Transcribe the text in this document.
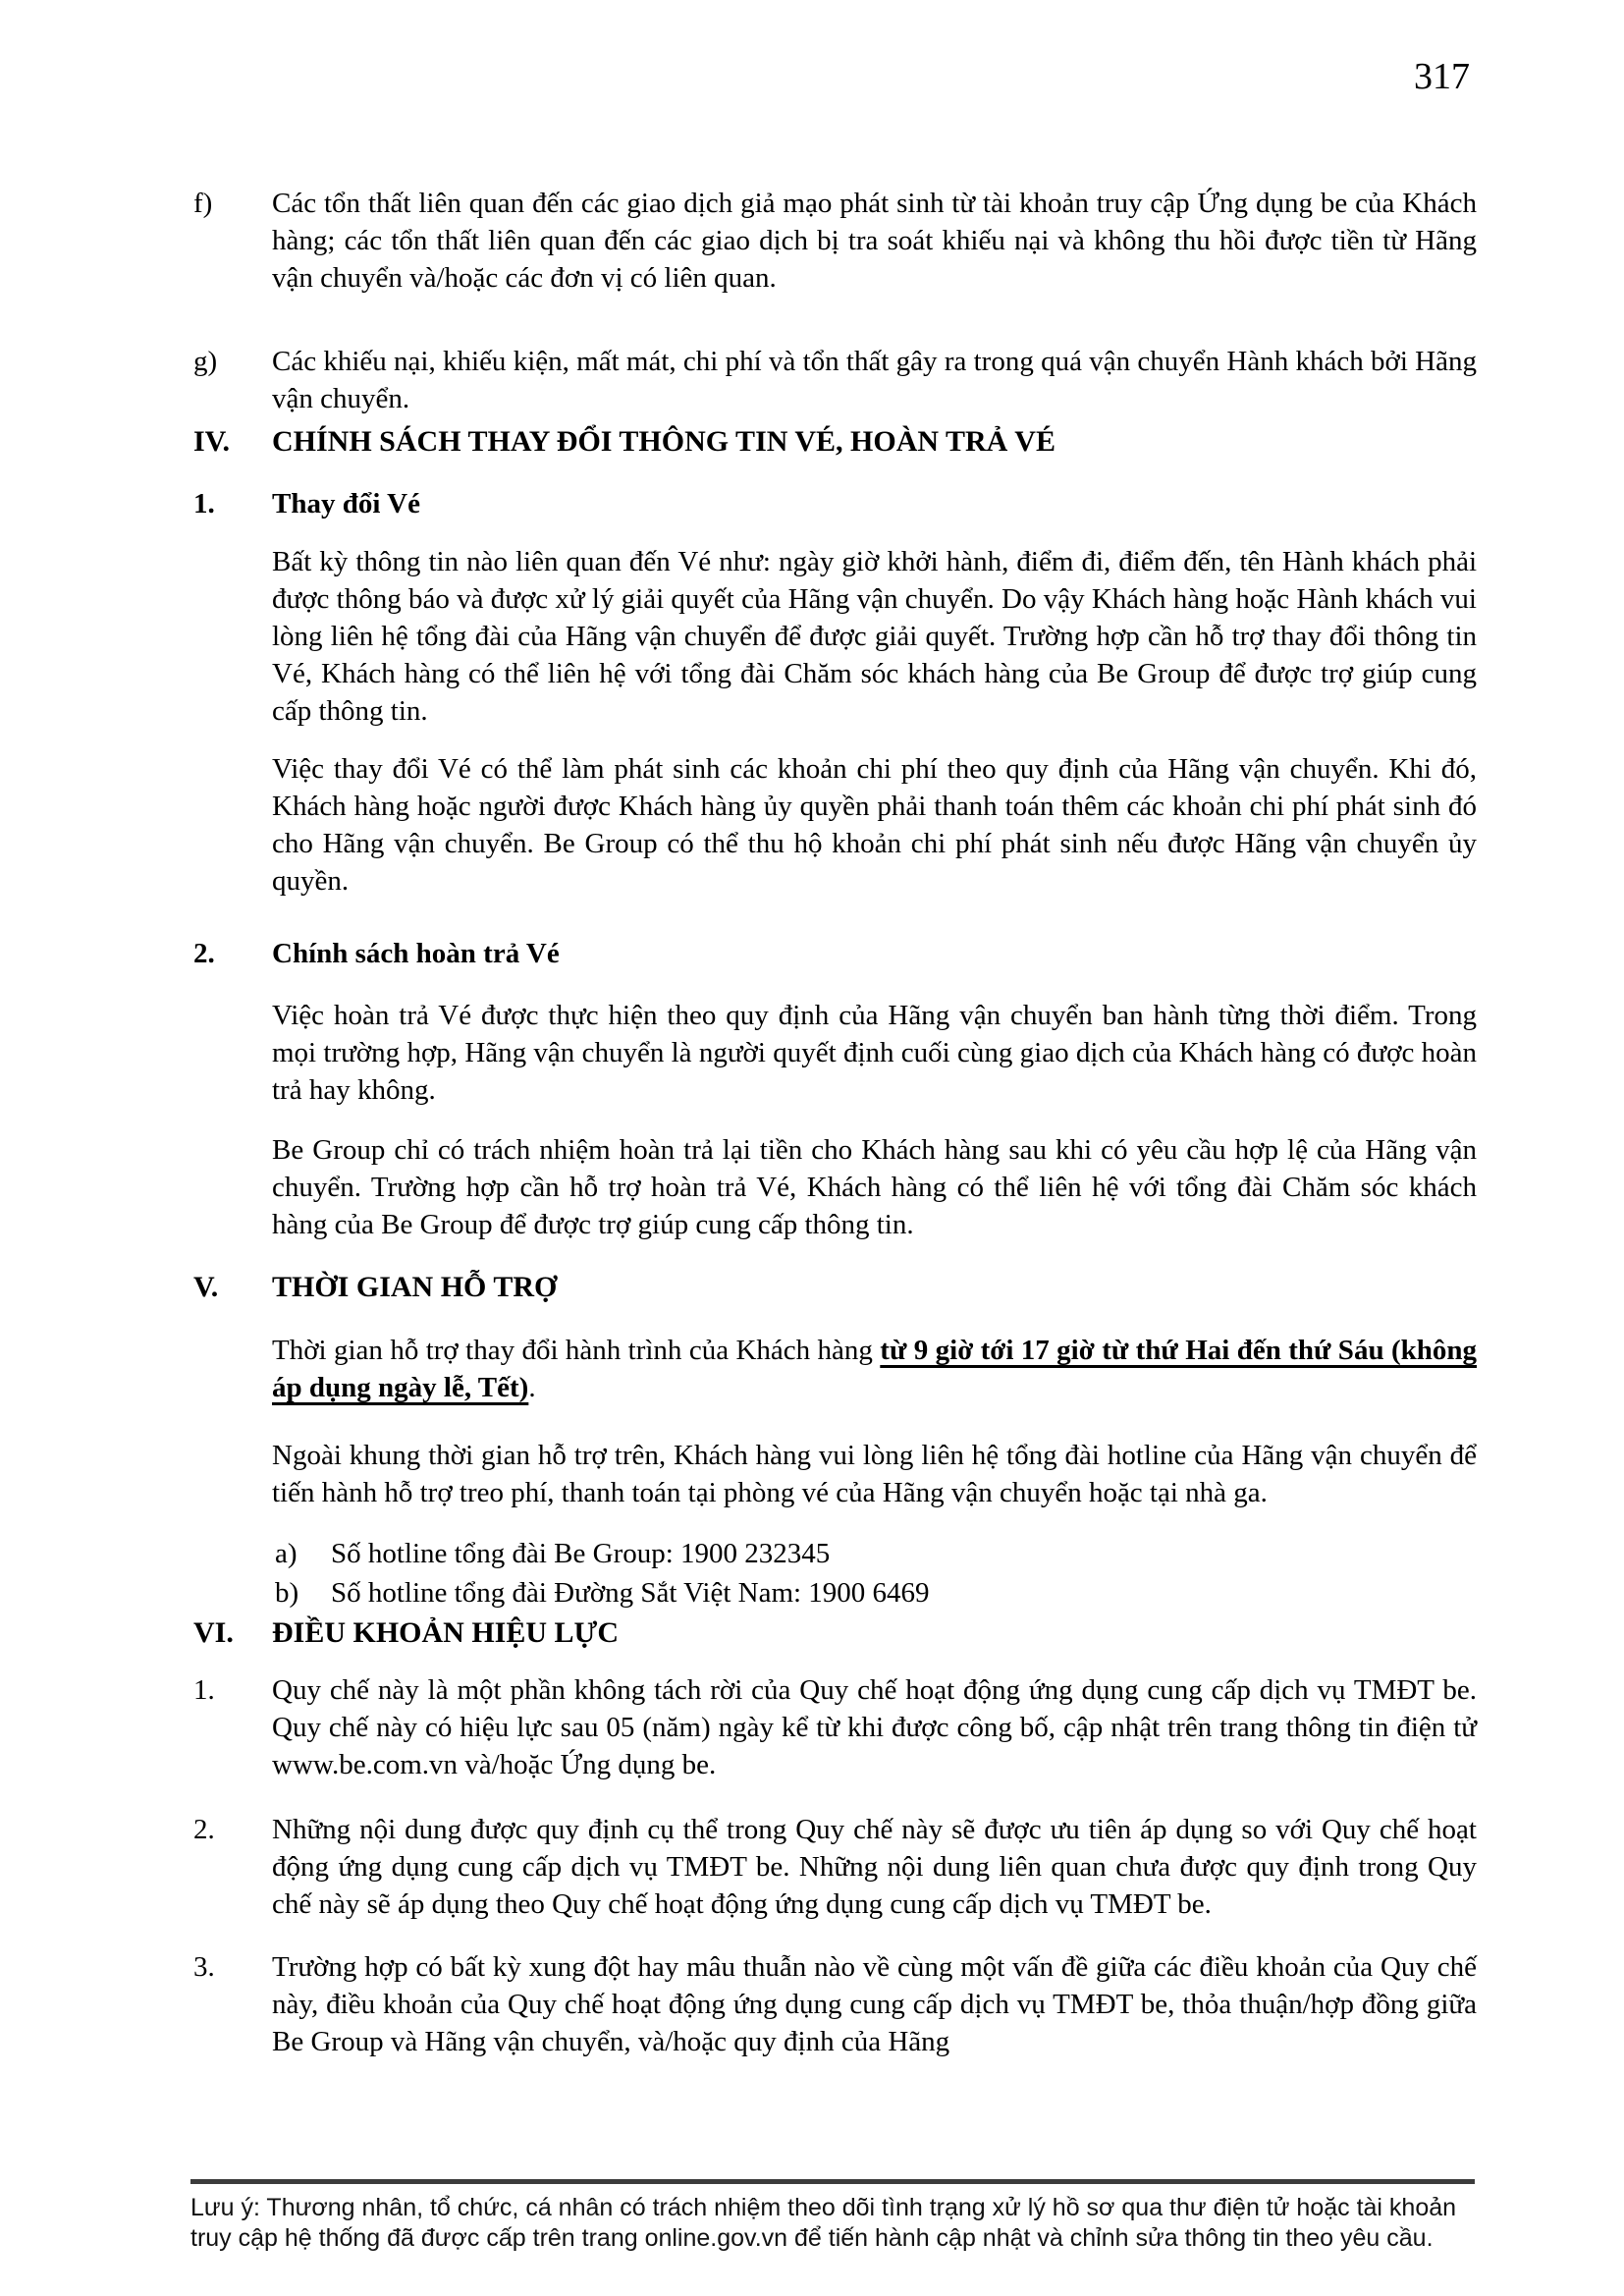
317
f)	Các tổn thất liên quan đến các giao dịch giả mạo phát sinh từ tài khoản truy cập Ứng dụng be của Khách hàng; các tổn thất liên quan đến các giao dịch bị tra soát khiếu nại và không thu hồi được tiền từ Hãng vận chuyển và/hoặc các đơn vị có liên quan.
g)	Các khiếu nại, khiếu kiện, mất mát, chi phí và tổn thất gây ra trong quá vận chuyển Hành khách bởi Hãng vận chuyển.
IV.	CHÍNH SÁCH THAY ĐỔI THÔNG TIN VÉ, HOÀN TRẢ VÉ
1.	Thay đổi Vé
Bất kỳ thông tin nào liên quan đến Vé như: ngày giờ khởi hành, điểm đi, điểm đến, tên Hành khách phải được thông báo và được xử lý giải quyết của Hãng vận chuyển. Do vậy Khách hàng hoặc Hành khách vui lòng liên hệ tổng đài của Hãng vận chuyển để được giải quyết. Trường hợp cần hỗ trợ thay đổi thông tin Vé, Khách hàng có thể liên hệ với tổng đài Chăm sóc khách hàng của Be Group để được trợ giúp cung cấp thông tin.
Việc thay đổi Vé có thể làm phát sinh các khoản chi phí theo quy định của Hãng vận chuyển. Khi đó, Khách hàng hoặc người được Khách hàng ủy quyền phải thanh toán thêm các khoản chi phí phát sinh đó cho Hãng vận chuyển. Be Group có thể thu hộ khoản chi phí phát sinh nếu được Hãng vận chuyển ủy quyền.
2.	Chính sách hoàn trả Vé
Việc hoàn trả Vé được thực hiện theo quy định của Hãng vận chuyển ban hành từng thời điểm. Trong mọi trường hợp, Hãng vận chuyển là người quyết định cuối cùng giao dịch của Khách hàng có được hoàn trả hay không.
Be Group chỉ có trách nhiệm hoàn trả lại tiền cho Khách hàng sau khi có yêu cầu hợp lệ của Hãng vận chuyển. Trường hợp cần hỗ trợ hoàn trả Vé, Khách hàng có thể liên hệ với tổng đài Chăm sóc khách hàng của Be Group để được trợ giúp cung cấp thông tin.
V.	THỜI GIAN HỖ TRỢ
Thời gian hỗ trợ thay đổi hành trình của Khách hàng từ 9 giờ tới 17 giờ từ thứ Hai đến thứ Sáu (không áp dụng ngày lễ, Tết).
Ngoài khung thời gian hỗ trợ trên, Khách hàng vui lòng liên hệ tổng đài hotline của Hãng vận chuyển để tiến hành hỗ trợ treo phí, thanh toán tại phòng vé của Hãng vận chuyển hoặc tại nhà ga.
a)	Số hotline tổng đài Be Group: 1900 232345
b)	Số hotline tổng đài Đường Sắt Việt Nam: 1900 6469
VI.	ĐIỀU KHOẢN HIỆU LỰC
1.	Quy chế này là một phần không tách rời của Quy chế hoạt động ứng dụng cung cấp dịch vụ TMĐT be. Quy chế này có hiệu lực sau 05 (năm) ngày kể từ khi được công bố, cập nhật trên trang thông tin điện tử www.be.com.vn và/hoặc Ứng dụng be.
2.	Những nội dung được quy định cụ thể trong Quy chế này sẽ được ưu tiên áp dụng so với Quy chế hoạt động ứng dụng cung cấp dịch vụ TMĐT be. Những nội dung liên quan chưa được quy định trong Quy chế này sẽ áp dụng theo Quy chế hoạt động ứng dụng cung cấp dịch vụ TMĐT be.
3.	Trường hợp có bất kỳ xung đột hay mâu thuẫn nào về cùng một vấn đề giữa các điều khoản của Quy chế này, điều khoản của Quy chế hoạt động ứng dụng cung cấp dịch vụ TMĐT be, thỏa thuận/hợp đồng giữa Be Group và Hãng vận chuyển, và/hoặc quy định của Hãng
Lưu ý: Thương nhân, tổ chức, cá nhân có trách nhiệm theo dõi tình trạng xử lý hồ sơ qua thư điện tử hoặc tài khoản truy cập hệ thống đã được cấp trên trang online.gov.vn để tiến hành cập nhật và chỉnh sửa thông tin theo yêu cầu.
